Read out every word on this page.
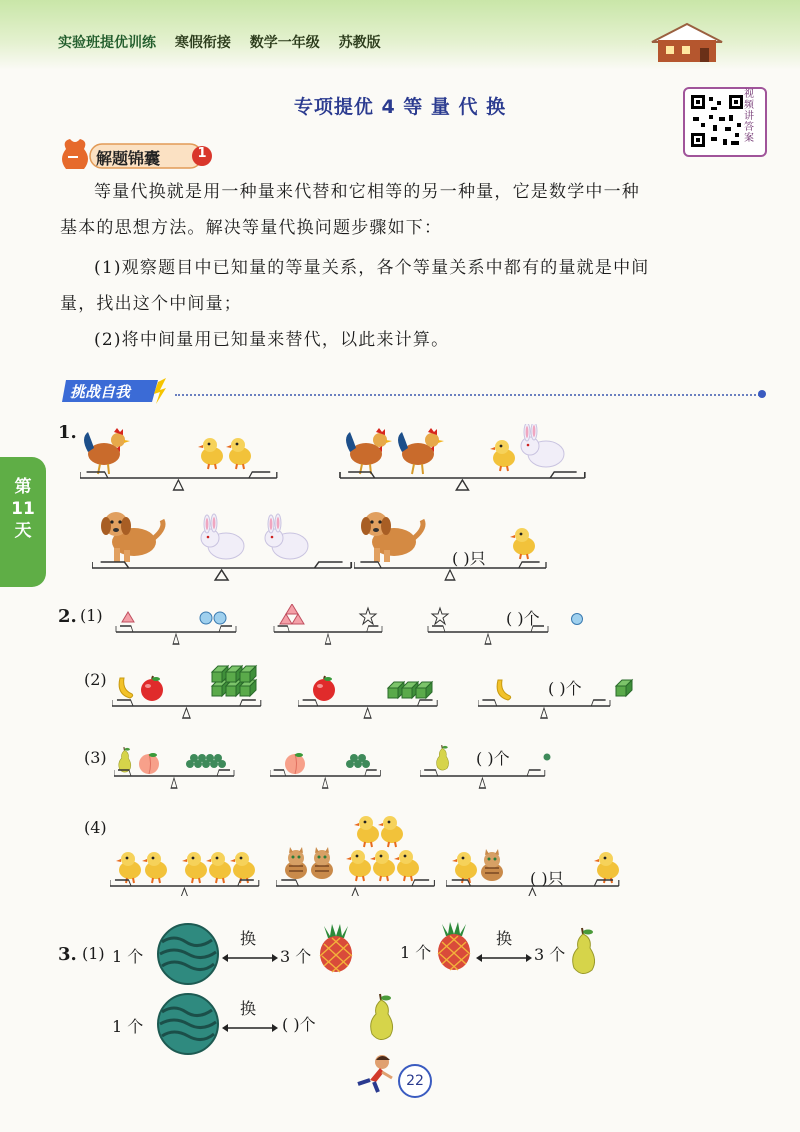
实验班提优训练 寒假衔接 数学一年级 苏教版
专项提优 4 等 量 代 换
视频讲答案
解题锦囊	1
等量代换就是用一种量来代替和它相等的另一种量，它是数学中一种
基本的思想方法。解决等量代换问题步骤如下：
(1)观察题目中已知量的等量关系，各个等量关系中都有的量就是中间
量，找出这个中间量；
(2)将中间量用已知量来替代，以此来计算。
挑战自我
第
11
天
1.
( )只
2. (1)	( )个
(2)	( )个
(3)	( )个
(4)
( )只
3. (1) 1 个
换
3 个	1 个
换
3 个
1 个
换
( )个
22
